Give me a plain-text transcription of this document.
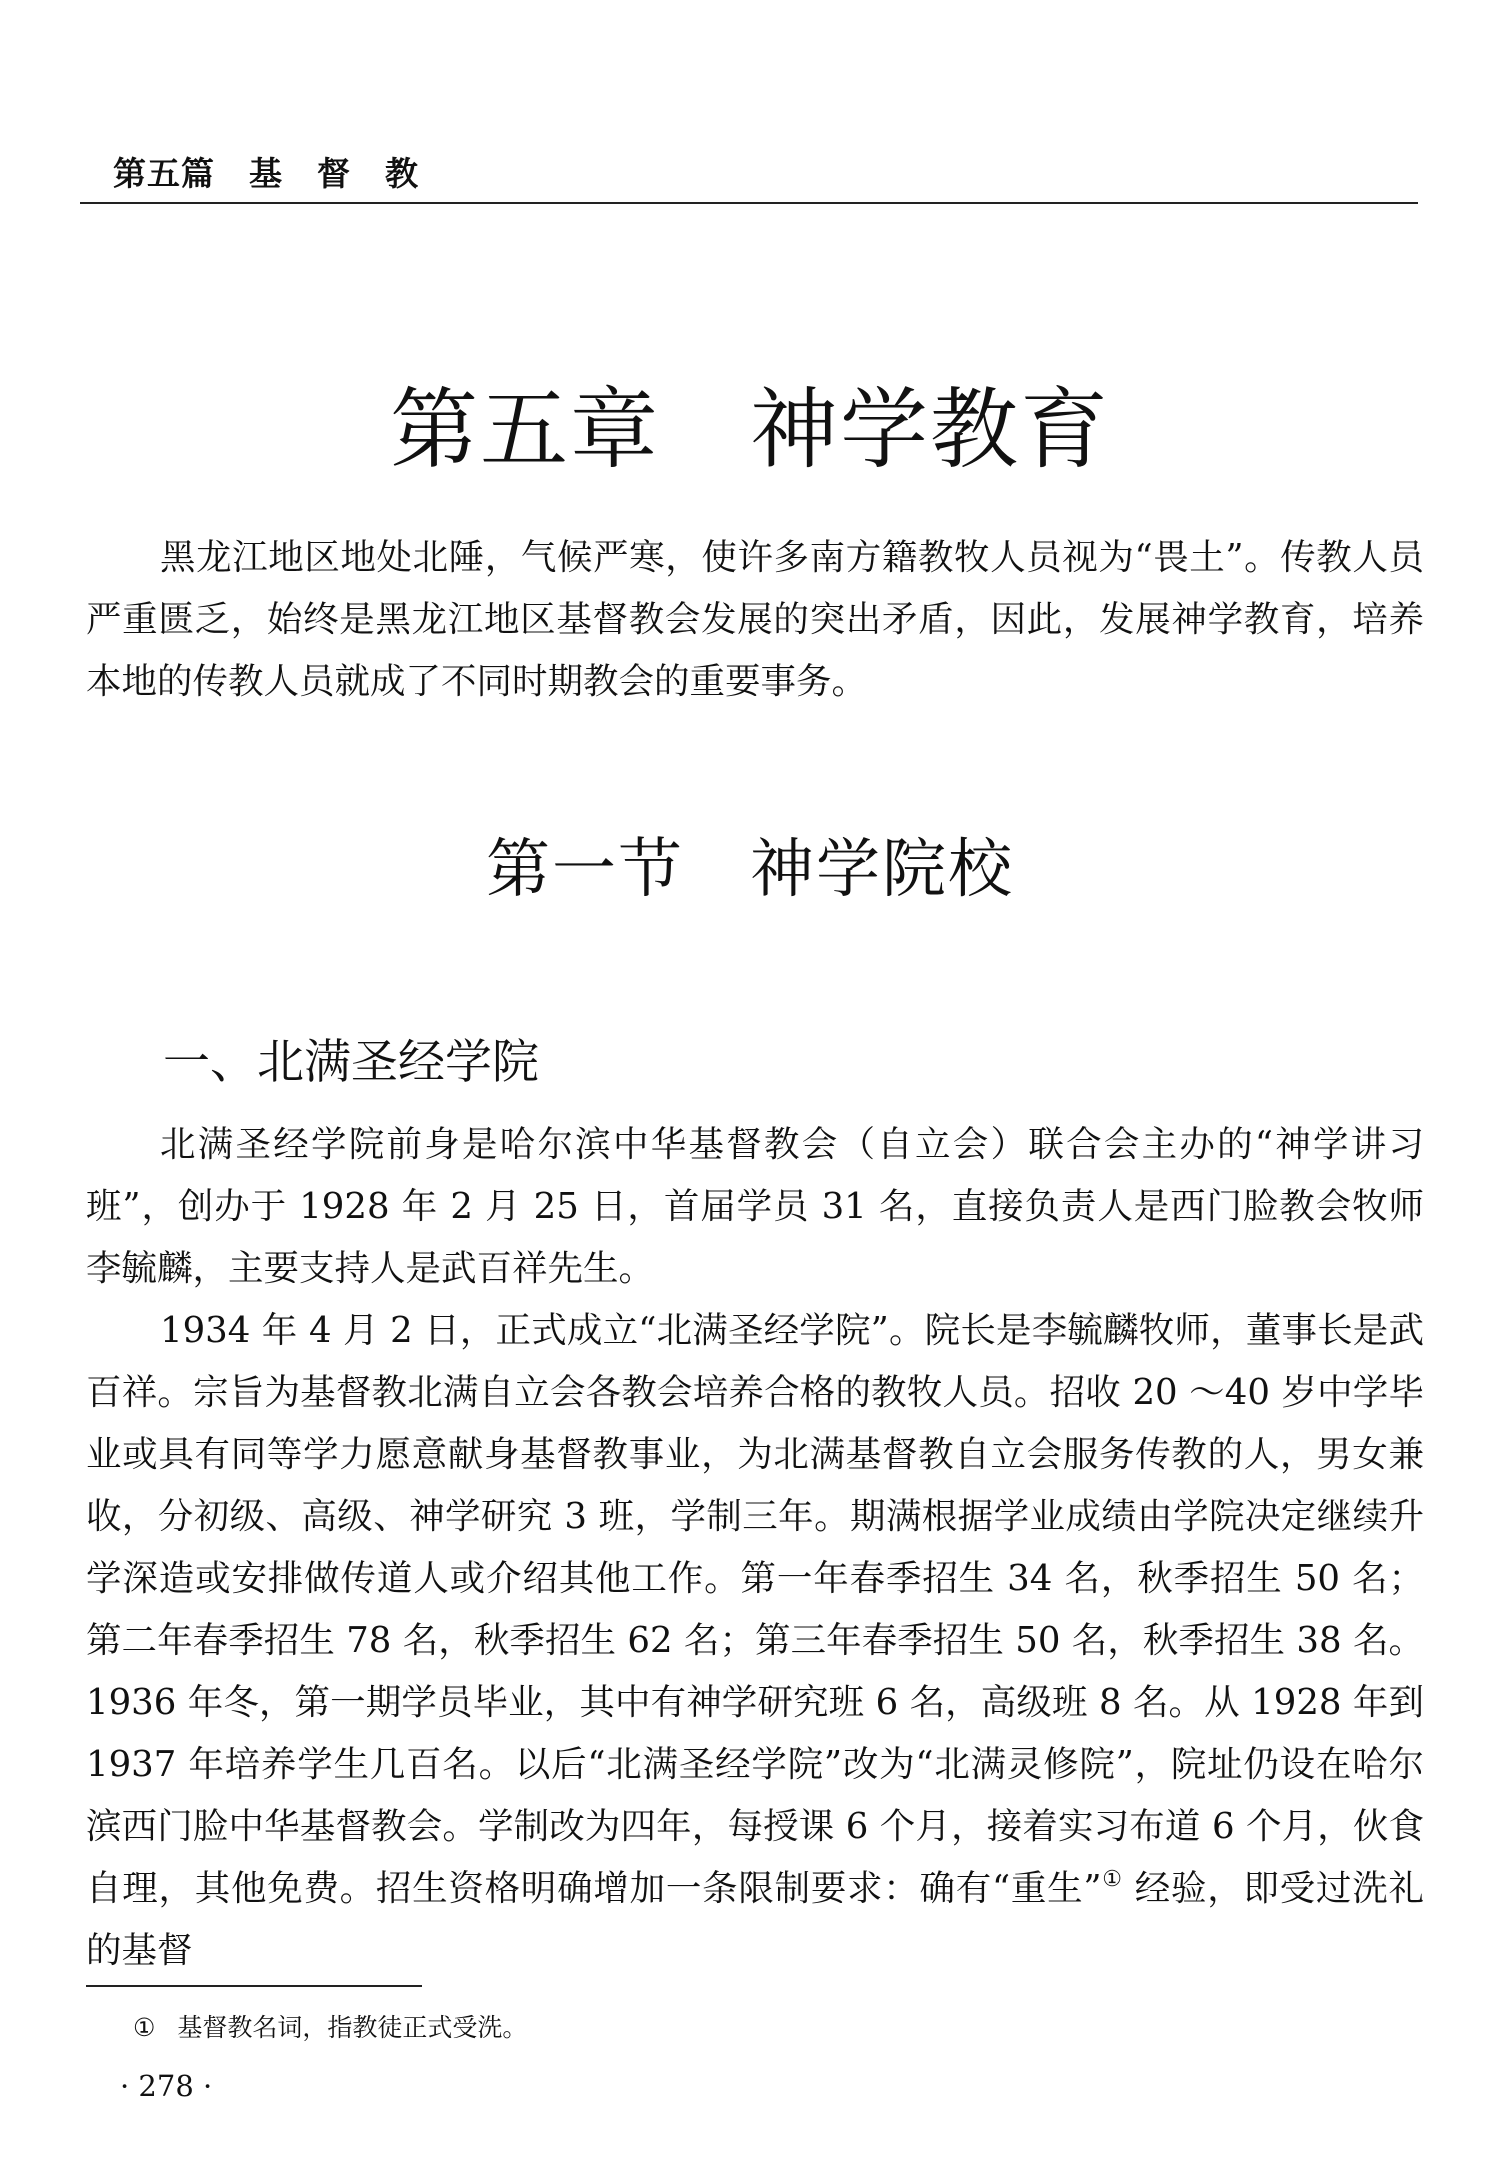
第五篇　基　督　教
第五章　神学教育

黑龙江地区地处北陲，气候严寒，使许多南方籍教牧人员视为“畏土”。传教人员严重匮乏，始终是黑龙江地区基督教会发展的突出矛盾，因此，发展神学教育，培养本地的传教人员就成了不同时期教会的重要事务。

第一节　神学院校
一、北满圣经学院

北满圣经学院前身是哈尔滨中华基督教会（自立会）联合会主办的“神学讲习班”，创办于 1928 年 2 月 25 日，首届学员 31 名，直接负责人是西门脸教会牧师李毓麟，主要支持人是武百祥先生。

1934 年 4 月 2 日，正式成立“北满圣经学院”。院长是李毓麟牧师，董事长是武百祥。宗旨为基督教北满自立会各教会培养合格的教牧人员。招收 20 ～40 岁中学毕业或具有同等学力愿意献身基督教事业，为北满基督教自立会服务传教的人，男女兼收，分初级、高级、神学研究 3 班，学制三年。期满根据学业成绩由学院决定继续升学深造或安排做传道人或介绍其他工作。第一年春季招生 34 名，秋季招生 50 名；第二年春季招生 78 名，秋季招生 62 名；第三年春季招生 50 名，秋季招生 38 名。1936 年冬，第一期学员毕业，其中有神学研究班 6 名，高级班 8 名。从 1928 年到 1937 年培养学生几百名。以后“北满圣经学院”改为“北满灵修院”，院址仍设在哈尔滨西门脸中华基督教会。学制改为四年，每授课 6 个月，接着实习布道 6 个月，伙食自理，其他免费。招生资格明确增加一条限制要求：确有“重生”① 经验，即受过洗礼的基督

① 基督教名词，指教徒正式受洗。
· 278 ·
